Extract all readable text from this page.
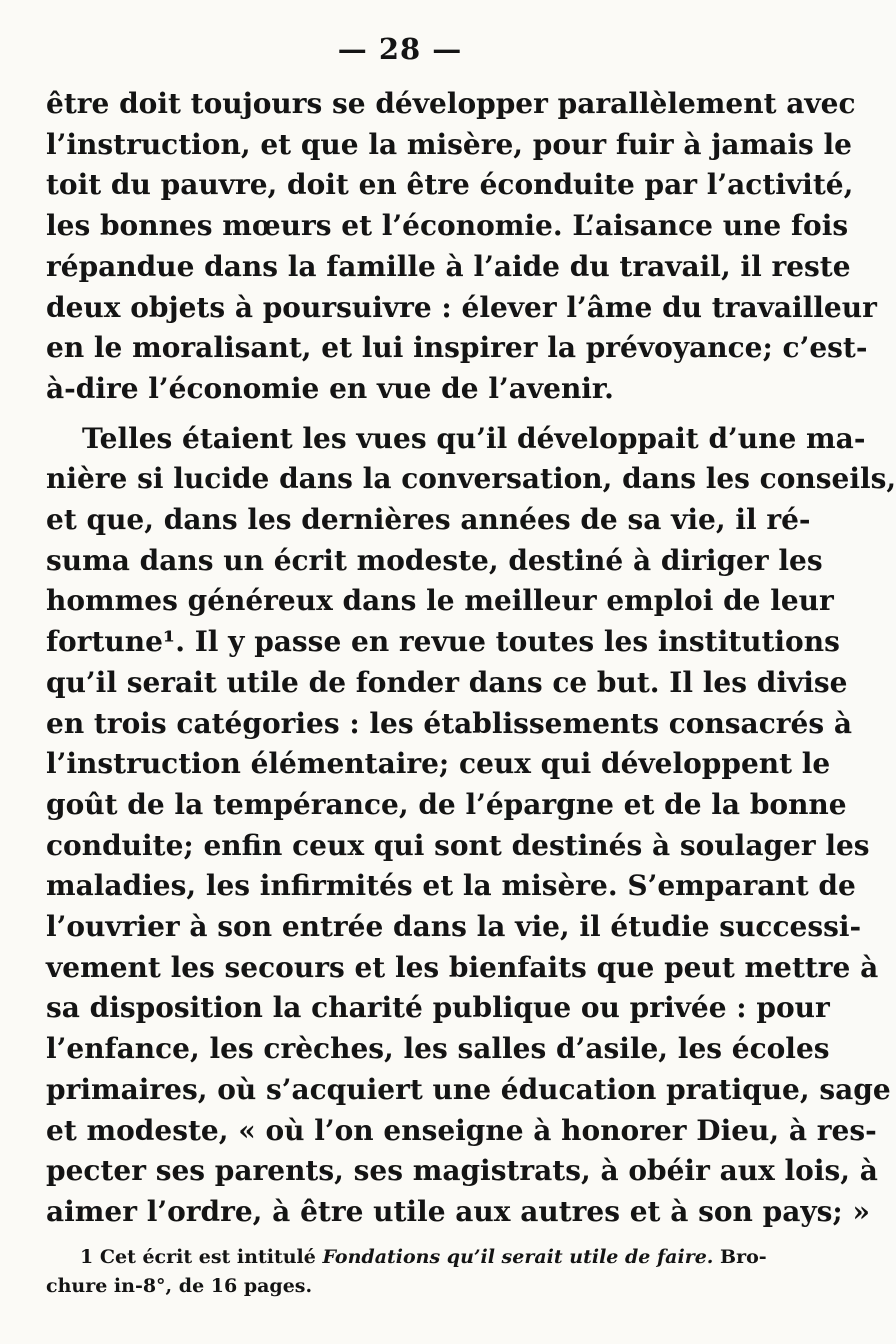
— 28 —
être doit toujours se développer parallèlement avec
l’instruction, et que la misère, pour fuir à jamais le
toit du pauvre, doit en être éconduite par l’activité,
les bonnes mœurs et l’économie. L’aisance une fois
répandue dans la famille à l’aide du travail, il reste
deux objets à poursuivre : élever l’âme du travailleur
en le moralisant, et lui inspirer la prévoyance; c’est-
à-dire l’économie en vue de l’avenir.
Telles étaient les vues qu’il développait d’une ma-
nière si lucide dans la conversation, dans les conseils,
et que, dans les dernières années de sa vie, il ré-
suma dans un écrit modeste, destiné à diriger les
hommes généreux dans le meilleur emploi de leur
fortune¹. Il y passe en revue toutes les institutions
qu’il serait utile de fonder dans ce but. Il les divise
en trois catégories : les établissements consacrés à
l’instruction élémentaire; ceux qui développent le
goût de la tempérance, de l’épargne et de la bonne
conduite; enfin ceux qui sont destinés à soulager les
maladies, les infirmités et la misère. S’emparant de
l’ouvrier à son entrée dans la vie, il étudie successi-
vement les secours et les bienfaits que peut mettre à
sa disposition la charité publique ou privée : pour
l’enfance, les crèches, les salles d’asile, les écoles
primaires, où s’acquiert une éducation pratique, sage
et modeste, « où l’on enseigne à honorer Dieu, à res-
pecter ses parents, ses magistrats, à obéir aux lois, à
aimer l’ordre, à être utile aux autres et à son pays; »
1 Cet écrit est intitulé Fondations qu’il serait utile de faire. Bro-
chure in-8°, de 16 pages.
